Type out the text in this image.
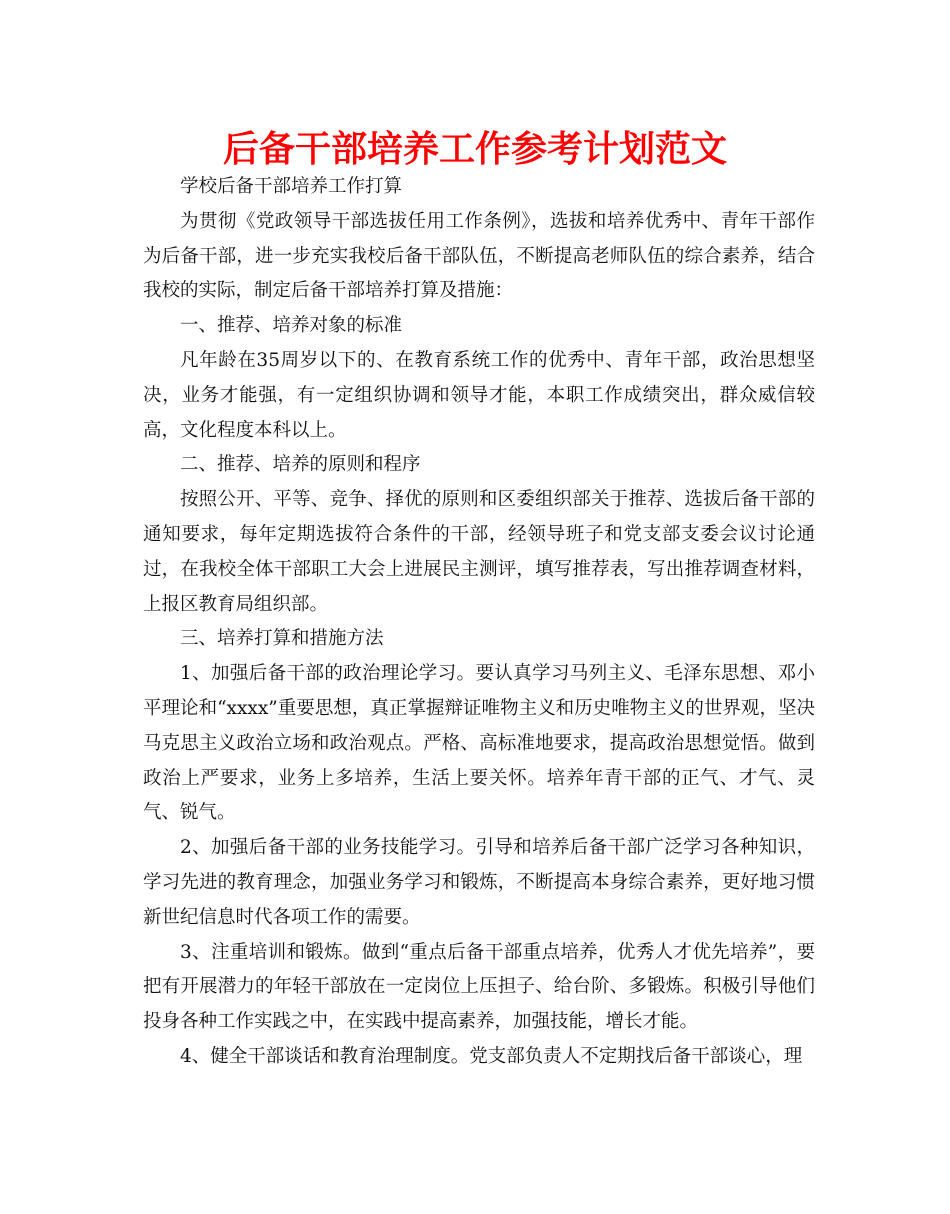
后备干部培养工作参考计划范文

学校后备干部培养工作打算

为贯彻《党政领导干部选拔任用工作条例》，选拔和培养优秀中、青年干部作为后备干部，进一步充实我校后备干部队伍，不断提高老师队伍的综合素养，结合我校的实际，制定后备干部培养打算及措施：

一、推荐、培养对象的标准

凡年龄在35周岁以下的、在教育系统工作的优秀中、青年干部，政治思想坚决，业务才能强，有一定组织协调和领导才能，本职工作成绩突出，群众威信较高，文化程度本科以上。

二、推荐、培养的原则和程序

按照公开、平等、竞争、择优的原则和区委组织部关于推荐、选拔后备干部的通知要求，每年定期选拔符合条件的干部，经领导班子和党支部支委会议讨论通过，在我校全体干部职工大会上进展民主测评，填写推荐表，写出推荐调查材料，上报区教育局组织部。

三、培养打算和措施方法

1、加强后备干部的政治理论学习。要认真学习马列主义、毛泽东思想、邓小平理论和“xxxx”重要思想，真正掌握辩证唯物主义和历史唯物主义的世界观，坚决马克思主义政治立场和政治观点。严格、高标准地要求，提高政治思想觉悟。做到政治上严要求，业务上多培养，生活上要关怀。培养年青干部的正气、才气、灵气、锐气。

2、加强后备干部的业务技能学习。引导和培养后备干部广泛学习各种知识，学习先进的教育理念，加强业务学习和锻炼，不断提高本身综合素养，更好地习惯新世纪信息时代各项工作的需要。

3、注重培训和锻炼。做到“重点后备干部重点培养，优秀人才优先培养”，要把有开展潜力的年轻干部放在一定岗位上压担子、给台阶、多锻炼。积极引导他们投身各种工作实践之中，在实践中提高素养，加强技能，增长才能。

4、健全干部谈话和教育治理制度。党支部负责人不定期找后备干部谈心，理
